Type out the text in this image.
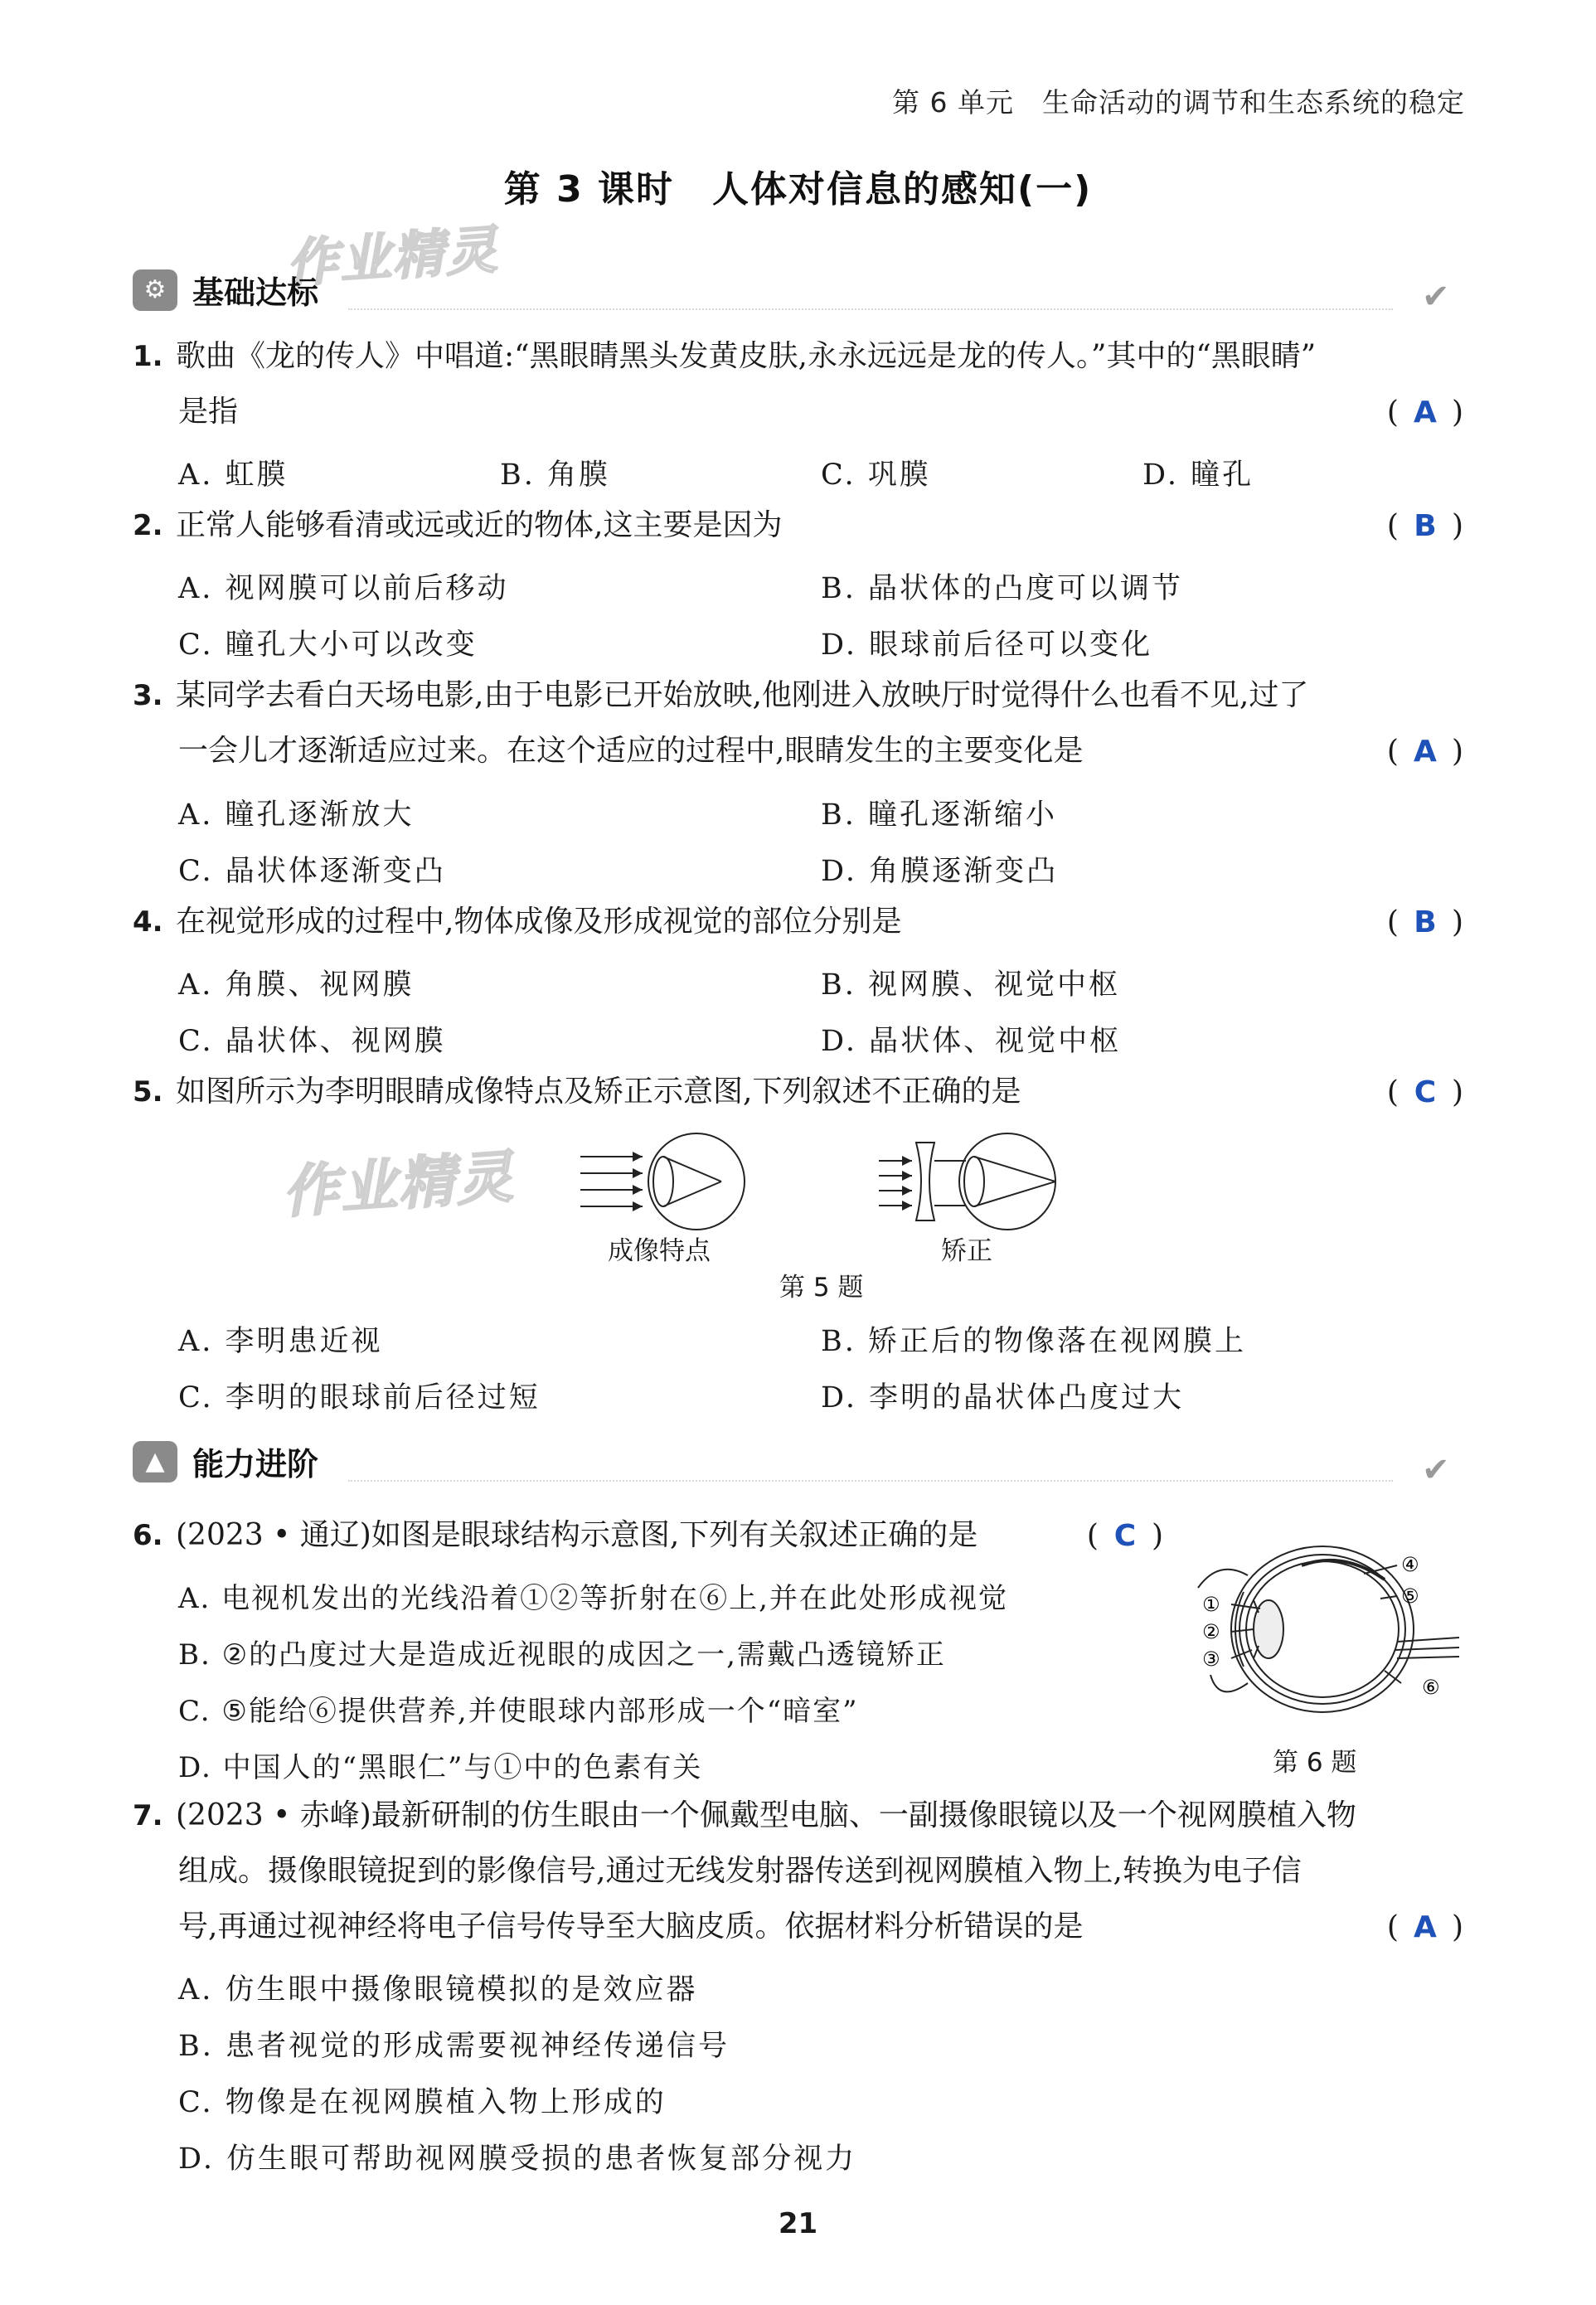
第 6 单元　生命活动的调节和生态系统的稳定
第 3 课时　人体对信息的感知(一)
作业精灵
作业精灵
⚙ 基础达标	✔
1. 歌曲《龙的传人》中唱道:“黑眼睛黑头发黄皮肤,永永远远是龙的传人。”其中的“黑眼睛”
是指	( A )
A. 虹膜	B. 角膜	C. 巩膜	D. 瞳孔
2. 正常人能够看清或远或近的物体,这主要是因为	( B )
A. 视网膜可以前后移动	B. 晶状体的凸度可以调节
C. 瞳孔大小可以改变	D. 眼球前后径可以变化
3. 某同学去看白天场电影,由于电影已开始放映,他刚进入放映厅时觉得什么也看不见,过了
一会儿才逐渐适应过来。在这个适应的过程中,眼睛发生的主要变化是	( A )
A. 瞳孔逐渐放大	B. 瞳孔逐渐缩小
C. 晶状体逐渐变凸	D. 角膜逐渐变凸
4. 在视觉形成的过程中,物体成像及形成视觉的部位分别是	( B )
A. 角膜、视网膜	B. 视网膜、视觉中枢
C. 晶状体、视网膜	D. 晶状体、视觉中枢
5. 如图所示为李明眼睛成像特点及矫正示意图,下列叙述不正确的是	( C )
成像特点	矫正
第 5 题
A. 李明患近视	B. 矫正后的物像落在视网膜上
C. 李明的眼球前后径过短	D. 李明的晶状体凸度过大
▲ 能力进阶	✔
6. (2023 • 通辽)如图是眼球结构示意图,下列有关叙述正确的是	( C )
A. 电视机发出的光线沿着①②等折射在⑥上,并在此处形成视觉
B. ②的凸度过大是造成近视眼的成因之一,需戴凸透镜矫正
C. ⑤能给⑥提供营养,并使眼球内部形成一个“暗室”
D. 中国人的“黑眼仁”与①中的色素有关
①
②
③
④
⑤
⑥
第 6 题
7. (2023 • 赤峰)最新研制的仿生眼由一个佩戴型电脑、一副摄像眼镜以及一个视网膜植入物
组成。摄像眼镜捉到的影像信号,通过无线发射器传送到视网膜植入物上,转换为电子信
号,再通过视神经将电子信号传导至大脑皮质。依据材料分析错误的是	( A )
A. 仿生眼中摄像眼镜模拟的是效应器
B. 患者视觉的形成需要视神经传递信号
C. 物像是在视网膜植入物上形成的
D. 仿生眼可帮助视网膜受损的患者恢复部分视力
21
